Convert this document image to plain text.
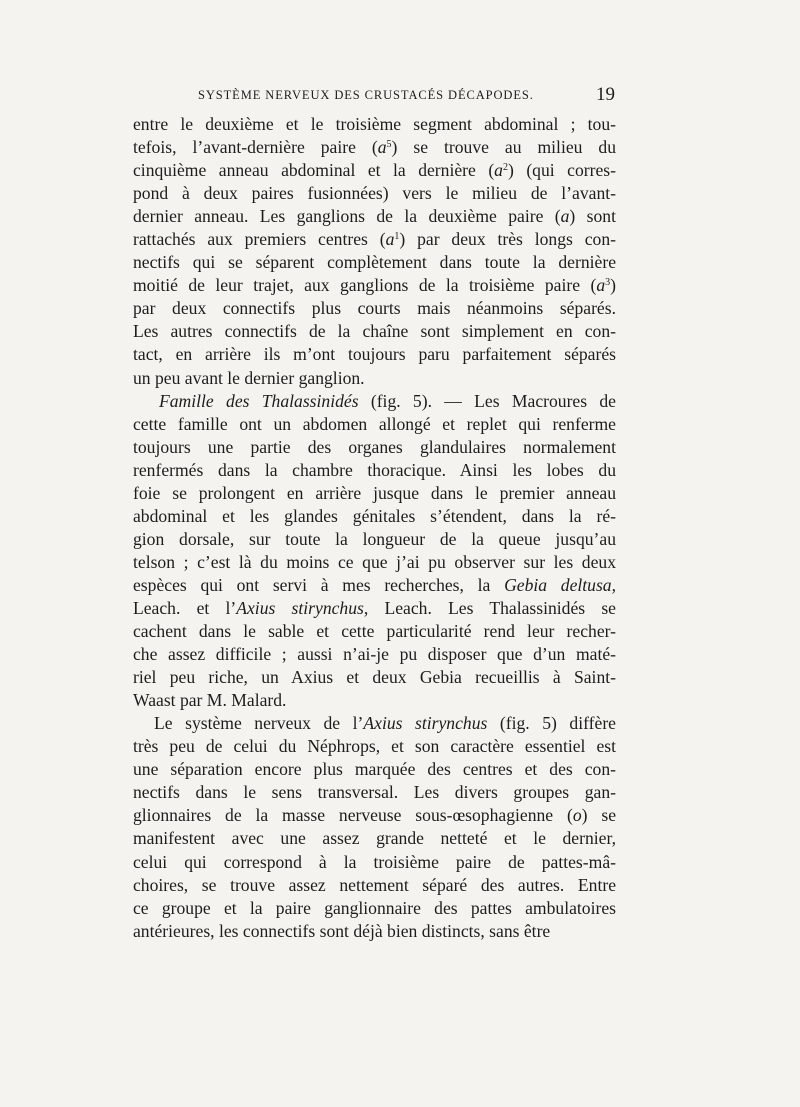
SYSTÈME NERVEUX DES CRUSTACÉS DÉCAPODES.	19
entre le deuxième et le troisième segment abdominal ; tou-
tefois, l’avant-dernière paire $(a^5)$ se trouve au milieu du
cinquième anneau abdominal et la dernière $(a^2)$ (qui corres-
pond à deux paires fusionnées) vers le milieu de l’avant-
dernier anneau. Les ganglions de la deuxième paire (a) sont
rattachés aux premiers centres $(a^1)$ par deux très longs con-
nectifs qui se séparent complètement dans toute la dernière
moitié de leur trajet, aux ganglions de la troisième paire $(a^3)$
par deux connectifs plus courts mais néanmoins séparés.
Les autres connectifs de la chaîne sont simplement en con-
tact, en arrière ils m’ont toujours paru parfaitement séparés
un peu avant le dernier ganglion.
Famille des Thalassinidés (fig. 5). — Les Macroures de
cette famille ont un abdomen allongé et replet qui renferme
toujours une partie des organes glandulaires normalement
renfermés dans la chambre thoracique. Ainsi les lobes du
foie se prolongent en arrière jusque dans le premier anneau
abdominal et les glandes génitales s’étendent, dans la ré-
gion dorsale, sur toute la longueur de la queue jusqu’au
telson ; c’est là du moins ce que j’ai pu observer sur les deux
espèces qui ont servi à mes recherches, la Gebia deltusa,
Leach. et l’Axius stirynchus, Leach. Les Thalassinidés se
cachent dans le sable et cette particularité rend leur recher-
che assez difficile ; aussi n’ai-je pu disposer que d’un maté-
riel peu riche, un Axius et deux Gebia recueillis à Saint-
Waast par M. Malard.
Le système nerveux de l’Axius stirynchus (fig. 5) diffère
très peu de celui du Néphrops, et son caractère essentiel est
une séparation encore plus marquée des centres et des con-
nectifs dans le sens transversal. Les divers groupes gan-
glionnaires de la masse nerveuse sous-œsophagienne (o) se
manifestent avec une assez grande netteté et le dernier,
celui qui correspond à la troisième paire de pattes-mâ-
choires, se trouve assez nettement séparé des autres. Entre
ce groupe et la paire ganglionnaire des pattes ambulatoires
antérieures, les connectifs sont déjà bien distincts, sans être
